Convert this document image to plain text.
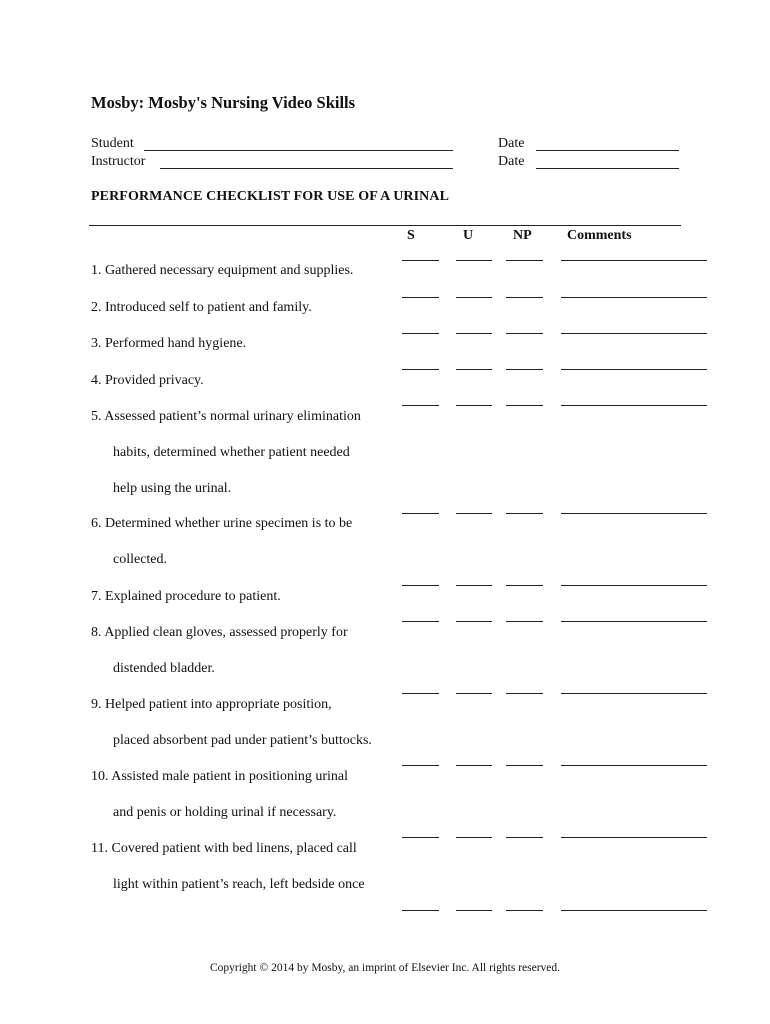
Mosby: Mosby's Nursing Video Skills
Student
Instructor
Date
Date
PERFORMANCE CHECKLIST FOR USE OF A URINAL
S	U	NP	Comments
1. Gathered necessary equipment and supplies.
2. Introduced self to patient and family.
3. Performed hand hygiene.
4. Provided privacy.
5. Assessed patient’s normal urinary elimination
habits, determined whether patient needed
help using the urinal.
6. Determined whether urine specimen is to be
collected.
7. Explained procedure to patient.
8. Applied clean gloves, assessed properly for
distended bladder.
9. Helped patient into appropriate position,
placed absorbent pad under patient’s buttocks.
10. Assisted male patient in positioning urinal
and penis or holding urinal if necessary.
11. Covered patient with bed linens, placed call
light within patient’s reach, left bedside once
Copyright © 2014 by Mosby, an imprint of Elsevier Inc. All rights reserved.
